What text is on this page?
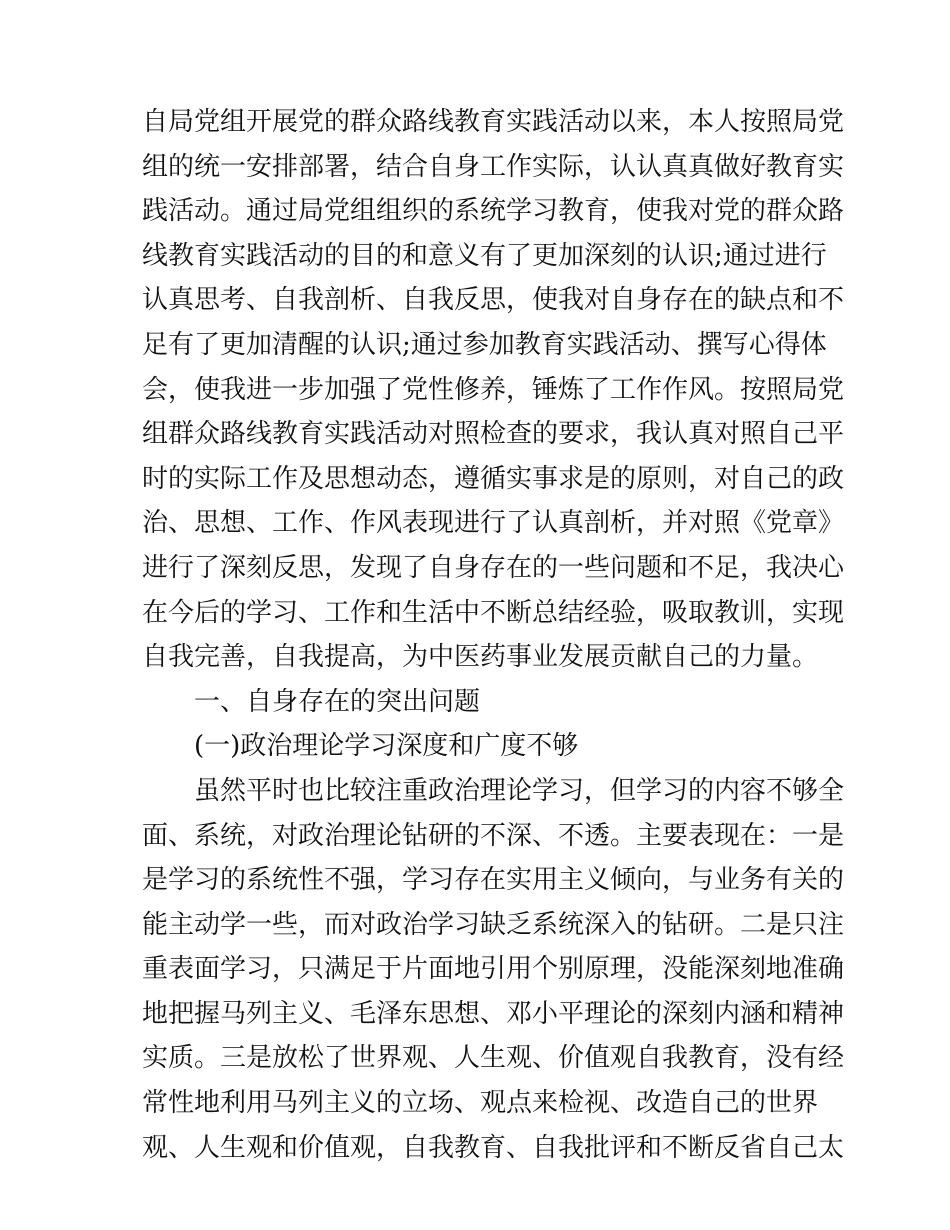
自局党组开展党的群众路线教育实践活动以来，本人按照局党
组的统一安排部署，结合自身工作实际，认认真真做好教育实
践活动。通过局党组组织的系统学习教育，使我对党的群众路
线教育实践活动的目的和意义有了更加深刻的认识;通过进行
认真思考、自我剖析、自我反思，使我对自身存在的缺点和不
足有了更加清醒的认识;通过参加教育实践活动、撰写心得体
会，使我进一步加强了党性修养，锤炼了工作作风。按照局党
组群众路线教育实践活动对照检查的要求，我认真对照自己平
时的实际工作及思想动态，遵循实事求是的原则，对自己的政
治、思想、工作、作风表现进行了认真剖析，并对照《党章》
进行了深刻反思，发现了自身存在的一些问题和不足，我决心
在今后的学习、工作和生活中不断总结经验，吸取教训，实现
自我完善，自我提高，为中医药事业发展贡献自己的力量。
一、自身存在的突出问题
(一)政治理论学习深度和广度不够
虽然平时也比较注重政治理论学习，但学习的内容不够全
面、系统，对政治理论钻研的不深、不透。主要表现在：一是
是学习的系统性不强，学习存在实用主义倾向，与业务有关的
能主动学一些，而对政治学习缺乏系统深入的钻研。二是只注
重表面学习，只满足于片面地引用个别原理，没能深刻地准确
地把握马列主义、毛泽东思想、邓小平理论的深刻内涵和精神
实质。三是放松了世界观、人生观、价值观自我教育，没有经
常性地利用马列主义的立场、观点来检视、改造自己的世界
观、人生观和价值观，自我教育、自我批评和不断反省自己太
